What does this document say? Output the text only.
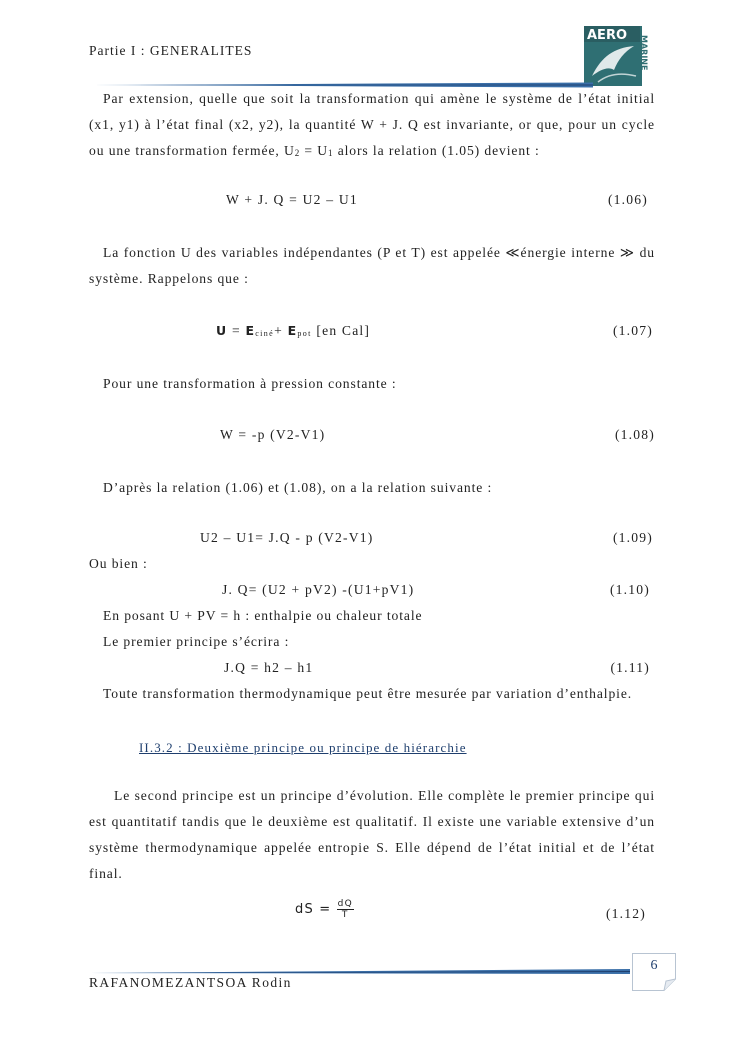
Partie I : GENERALITES
AERO MARINE
Par extension, quelle que soit la transformation qui amène le système de l’état initial (x1, y1) à l’état final (x2, y2), la quantité W + J. Q est invariante, or que, pour un cycle ou une transformation fermée, U2 = U1 alors la relation (1.05) devient :
W + J. Q = U2 – U1	(1.06)
La fonction U des variables indépendantes (P et T) est appelée ≪énergie interne ≫ du système. Rappelons que :
U = Eciné+ Epot [en Cal]	(1.07)
Pour une transformation à pression constante :
W = -p (V2-V1)	(1.08)
D’après la relation (1.06) et (1.08), on a la relation suivante :
U2 – U1= J.Q - p (V2-V1)	(1.09)
Ou bien :
J. Q= (U2 + pV2) -(U1+pV1)	(1.10)
En posant U + PV = h : enthalpie ou chaleur totale
Le premier principe s’écrira :
J.Q = h2 – h1	(1.11)
Toute transformation thermodynamique peut être mesurée par variation d’enthalpie.
II.3.2 : Deuxième principe ou principe de hiérarchie
Le second principe est un principe d’évolution. Elle complète le premier principe qui est quantitatif tandis que le deuxième est qualitatif. Il existe une variable extensive d’un système thermodynamique appelée entropie S. Elle dépend de l’état initial et de l’état final.
dS = $\frac{dQ}{T}$	(1.12)
6
RAFANOMEZANTSOA Rodin
